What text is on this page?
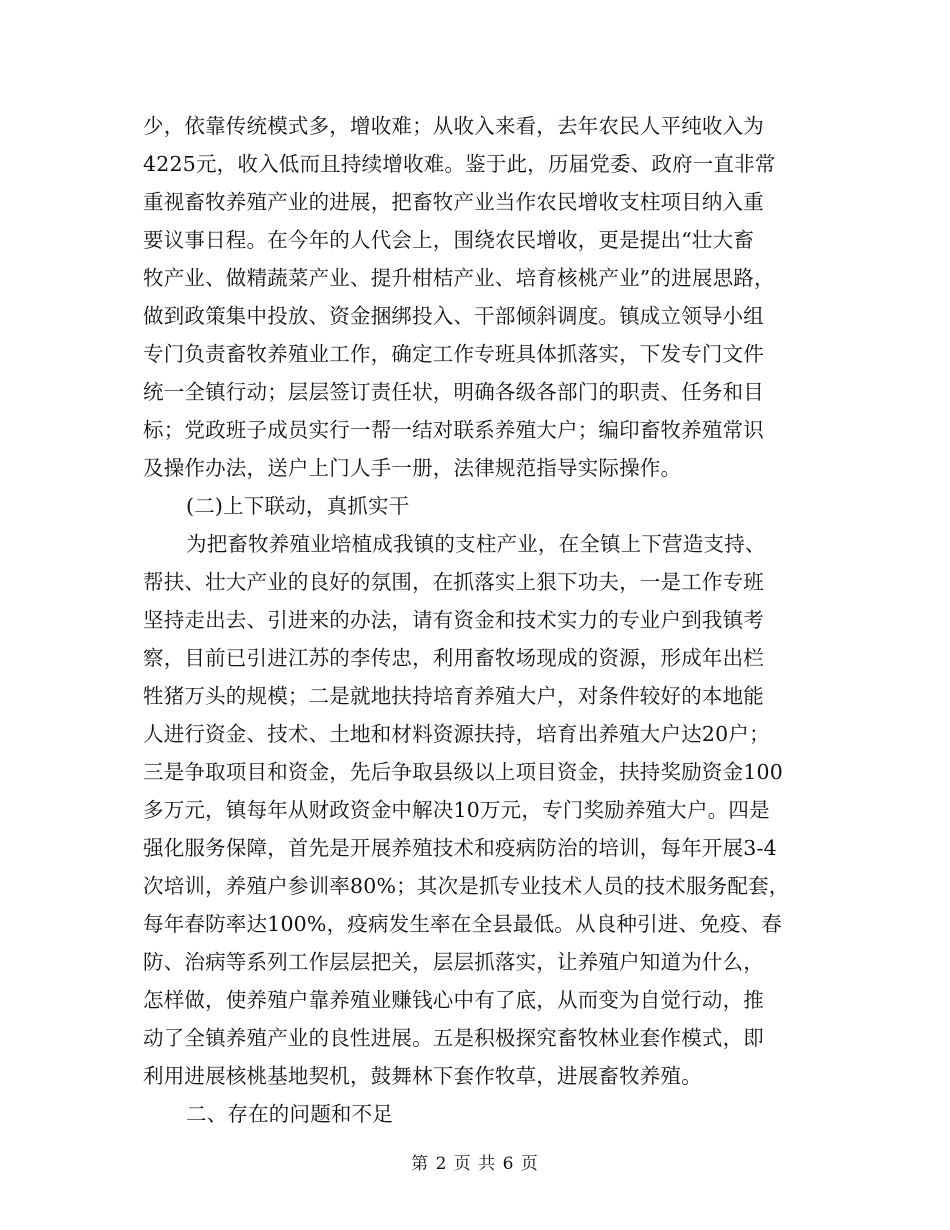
少，依靠传统模式多，增收难；从收入来看，去年农民人平纯收入为
4225元，收入低而且持续增收难。鉴于此，历届党委、政府一直非常
重视畜牧养殖产业的进展，把畜牧产业当作农民增收支柱项目纳入重
要议事日程。在今年的人代会上，围绕农民增收，更是提出“壮大畜
牧产业、做精蔬菜产业、提升柑桔产业、培育核桃产业”的进展思路，
做到政策集中投放、资金捆绑投入、干部倾斜调度。镇成立领导小组
专门负责畜牧养殖业工作，确定工作专班具体抓落实，下发专门文件
统一全镇行动；层层签订责任状，明确各级各部门的职责、任务和目
标；党政班子成员实行一帮一结对联系养殖大户；编印畜牧养殖常识
及操作办法，送户上门人手一册，法律规范指导实际操作。
(二)上下联动，真抓实干
为把畜牧养殖业培植成我镇的支柱产业，在全镇上下营造支持、
帮扶、壮大产业的良好的氛围，在抓落实上狠下功夫，一是工作专班
坚持走出去、引进来的办法，请有资金和技术实力的专业户到我镇考
察，目前已引进江苏的李传忠，利用畜牧场现成的资源，形成年出栏
牲猪万头的规模；二是就地扶持培育养殖大户，对条件较好的本地能
人进行资金、技术、土地和材料资源扶持，培育出养殖大户达20户；
三是争取项目和资金，先后争取县级以上项目资金，扶持奖励资金100
多万元，镇每年从财政资金中解决10万元，专门奖励养殖大户。四是
强化服务保障，首先是开展养殖技术和疫病防治的培训，每年开展3-4
次培训，养殖户参训率80%；其次是抓专业技术人员的技术服务配套，
每年春防率达100%，疫病发生率在全县最低。从良种引进、免疫、春
防、治病等系列工作层层把关，层层抓落实，让养殖户知道为什么，
怎样做，使养殖户靠养殖业赚钱心中有了底，从而变为自觉行动，推
动了全镇养殖产业的良性进展。五是积极探究畜牧林业套作模式，即
利用进展核桃基地契机，鼓舞林下套作牧草，进展畜牧养殖。
二、存在的问题和不足
第 2 页 共 6 页
